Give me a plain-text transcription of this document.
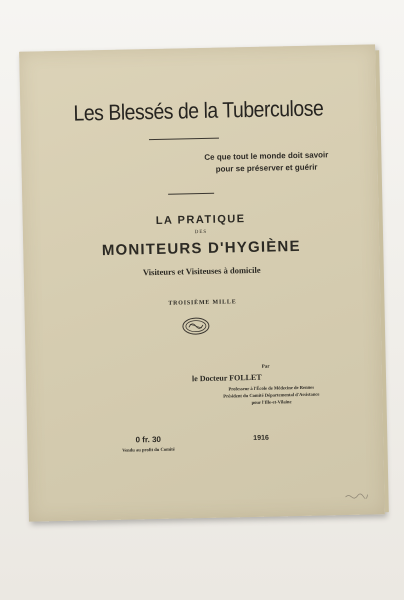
Les Blessés de la Tuberculose
Ce que tout le monde doit savoir
pour se préserver et guérir
LA PRATIQUE
DES
MONITEURS D'HYGIÈNE
Visiteurs et Visiteuses à domicile
TROISIÈME MILLE
Par
le Docteur FOLLET
Professeur à l'École de Médecine de Rennes
Président du Comité Départemental d'Assistance
pour l'Ille-et-Vilaine
0 fr. 30
Vendu au profit du Comité
1916
